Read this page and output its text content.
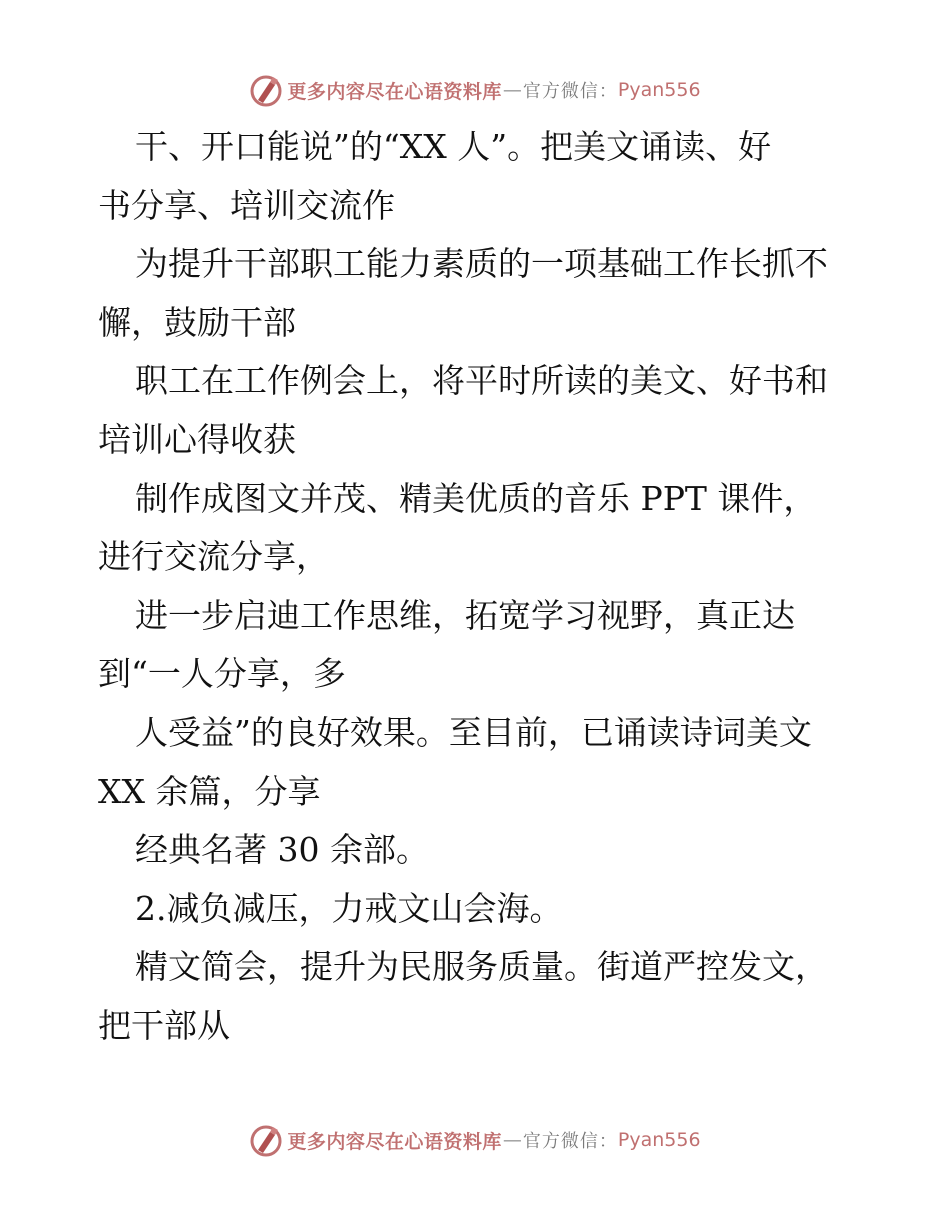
更多内容尽在心语资料库 — 官方微信： Pyan556

干、开口能说”的“XX 人”。把美文诵读、好

书分享、培训交流作

为提升干部职工能力素质的一项基础工作长抓不

懈，鼓励干部

职工在工作例会上，将平时所读的美文、好书和

培训心得收获

制作成图文并茂、精美优质的音乐 PPT 课件，

进行交流分享，

进一步启迪工作思维，拓宽学习视野，真正达

到“一人分享，多

人受益”的良好效果。至目前，已诵读诗词美文

XX 余篇，分享

经典名著 30 余部。

2.减负减压，力戒文山会海。

精文简会，提升为民服务质量。街道严控发文，

把干部从

更多内容尽在心语资料库 — 官方微信： Pyan556
